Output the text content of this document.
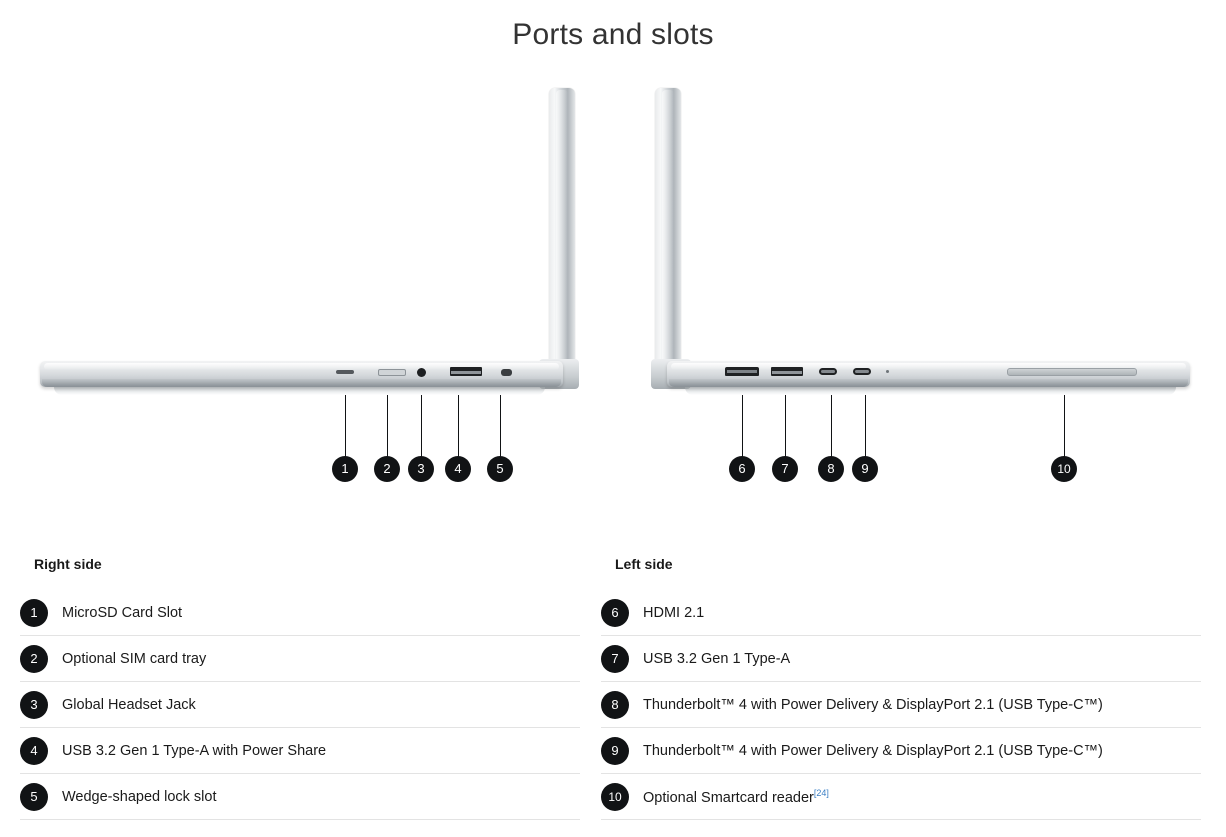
Ports and slots
1	2	3	4	5	6	7	8	9	10
Right side
1	MicroSD Card Slot
2	Optional SIM card tray
3	Global Headset Jack
4	USB 3.2 Gen 1 Type-A with Power Share
5	Wedge-shaped lock slot
Left side
6	HDMI 2.1
7	USB 3.2 Gen 1 Type-A
8	Thunderbolt™ 4 with Power Delivery & DisplayPort 2.1 (USB Type-C™)
9	Thunderbolt™ 4 with Power Delivery & DisplayPort 2.1 (USB Type-C™)
10	Optional Smartcard reader[24]
